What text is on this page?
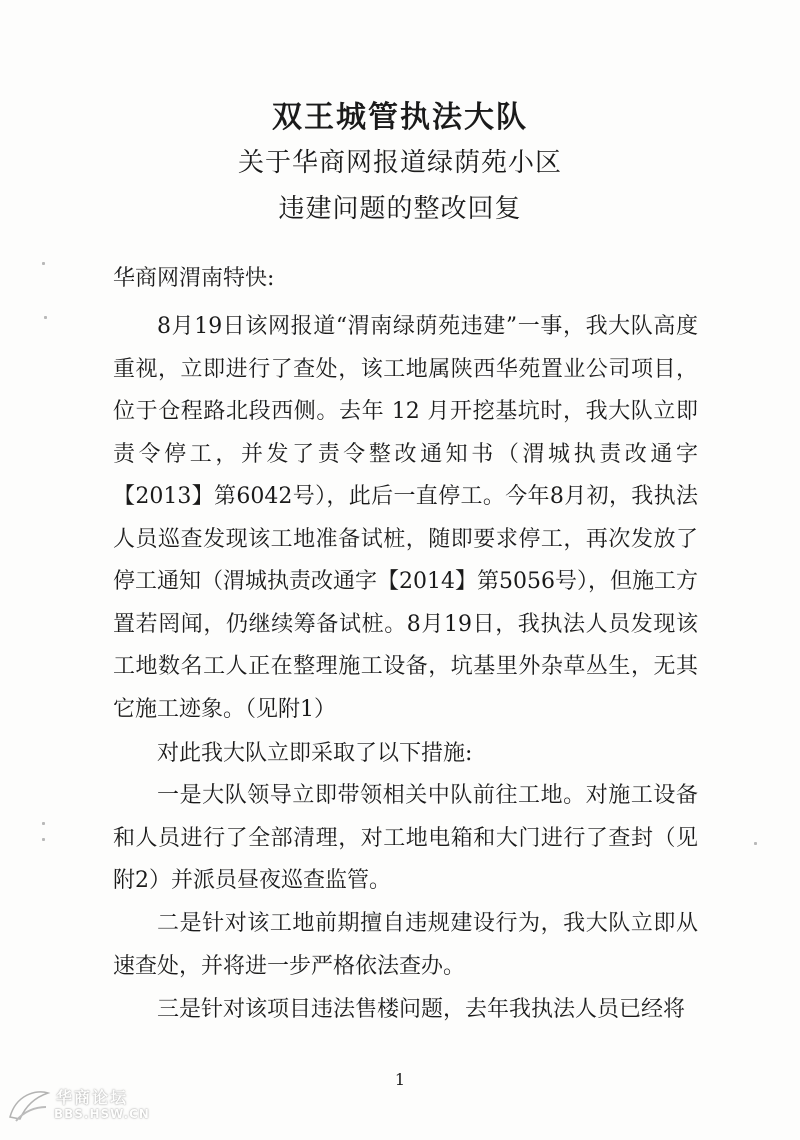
双王城管执法大队
关于华商网报道绿荫苑小区
违建问题的整改回复

华商网渭南特快:

8月19日该网报道“渭南绿荫苑违建”一事，我大队高度重视，立即进行了查处，该工地属陕西华苑置业公司项目，位于仓程路北段西侧。去年 12 月开挖基坑时，我大队立即责令停工，并发了责令整改通知书（渭城执责改通字【2013】第6042号），此后一直停工。今年8月初，我执法人员巡查发现该工地准备试桩，随即要求停工，再次发放了停工通知（渭城执责改通字【2014】第5056号），但施工方置若罔闻，仍继续筹备试桩。8月19日，我执法人员发现该工地数名工人正在整理施工设备，坑基里外杂草丛生，无其它施工迹象。（见附1）

对此我大队立即采取了以下措施:

一是大队领导立即带领相关中队前往工地。对施工设备和人员进行了全部清理，对工地电箱和大门进行了查封（见附2）并派员昼夜巡查监管。

二是针对该工地前期擅自违规建设行为，我大队立即从速查处，并将进一步严格依法查办。

三是针对该项目违法售楼问题，去年我执法人员已经将

1

华商论坛
BBS.HSW.CN
